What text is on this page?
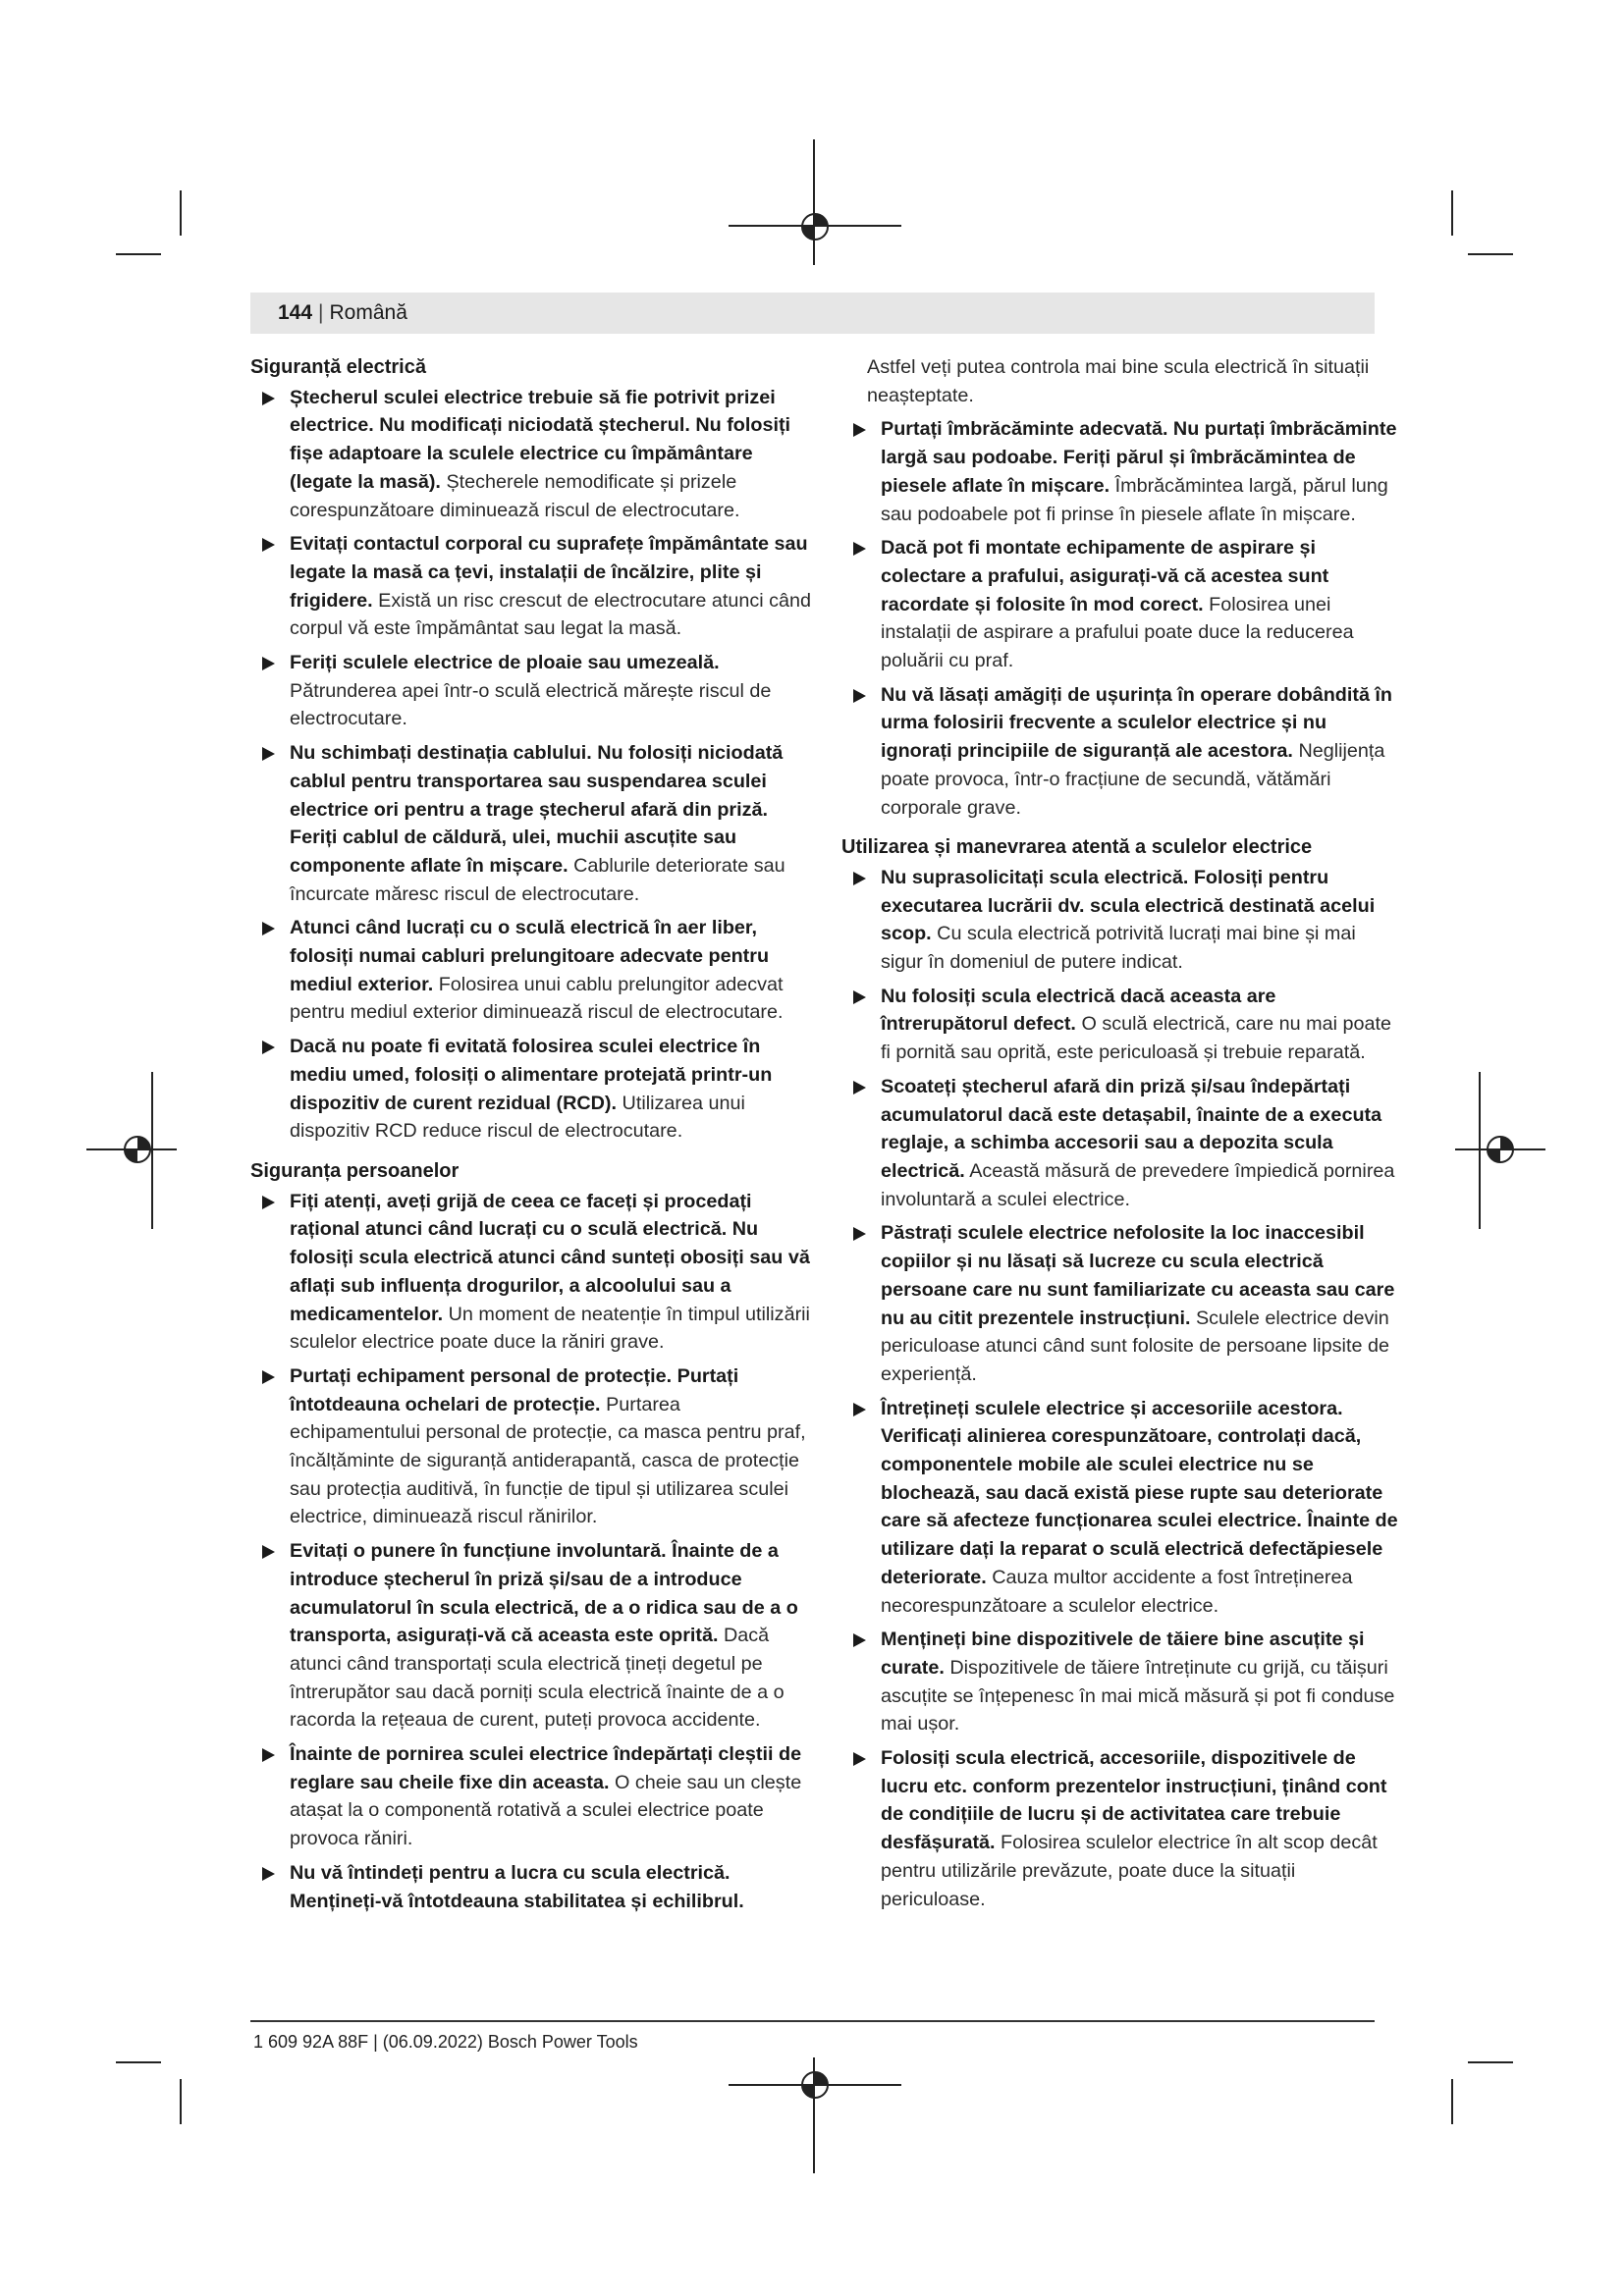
144 | Română
Siguranță electrică
Ștecherul sculei electrice trebuie să fie potrivit prizei electrice. Nu modificați niciodată ștecherul. Nu folosiți fișe adaptoare la sculele electrice cu împământare (legate la masă). Ștecherele nemodificate și prizele corespunzătoare diminuează riscul de electrocutare.
Evitați contactul corporal cu suprafețe împământate sau legate la masă ca țevi, instalații de încălzire, plite și frigidere. Există un risc crescut de electrocutare atunci când corpul vă este împământat sau legat la masă.
Feriți sculele electrice de ploaie sau umezeală. Pătrunderea apei într-o sculă electrică mărește riscul de electrocutare.
Nu schimbați destinația cablului. Nu folosiți niciodată cablul pentru transportarea sau suspendarea sculei electrice ori pentru a trage ștecherul afară din priză. Feriți cablul de căldură, ulei, muchii ascuțite sau componente aflate în mișcare. Cablurile deteriorate sau încurcate măresc riscul de electrocutare.
Atunci când lucrați cu o sculă electrică în aer liber, folosiți numai cabluri prelungitoare adecvate pentru mediul exterior. Folosirea unui cablu prelungitor adecvat pentru mediul exterior diminuează riscul de electrocutare.
Dacă nu poate fi evitată folosirea sculei electrice în mediu umed, folosiți o alimentare protejată printr-un dispozitiv de curent rezidual (RCD). Utilizarea unui dispozitiv RCD reduce riscul de electrocutare.
Siguranța persoanelor
Fiți atenți, aveți grijă de ceea ce faceți și procedați rațional atunci când lucrați cu o sculă electrică. Nu folosiți scula electrică atunci când sunteți obosiți sau vă aflați sub influența drogurilor, a alcoolului sau a medicamentelor. Un moment de neatenție în timpul utilizării sculelor electrice poate duce la răniri grave.
Purtați echipament personal de protecție. Purtați întotdeauna ochelari de protecție. Purtarea echipamentului personal de protecție, ca masca pentru praf, încălțăminte de siguranță antiderapantă, casca de protecție sau protecția auditivă, în funcție de tipul și utilizarea sculei electrice, diminuează riscul rănirilor.
Evitați o punere în funcțiune involuntară. Înainte de a introduce ștecherul în priză și/sau de a introduce acumulatorul în scula electrică, de a o ridica sau de a o transporta, asigurați-vă că aceasta este oprită. Dacă atunci când transportați scula electrică țineți degetul pe întrerupător sau dacă porniți scula electrică înainte de a o racorda la rețeaua de curent, puteți provoca accidente.
Înainte de pornirea sculei electrice îndepărtați cleștii de reglare sau cheile fixe din aceasta. O cheie sau un clește atașat la o componentă rotativă a sculei electrice poate provoca răniri.
Nu vă întindeți pentru a lucra cu scula electrică. Mențineți-vă întotdeauna stabilitatea și echilibrul.
Astfel veți putea controla mai bine scula electrică în situații neașteptate.
Purtați îmbrăcăminte adecvată. Nu purtați îmbrăcăminte largă sau podoabe. Feriți părul și îmbrăcămintea de piesele aflate în mișcare. Îmbrăcămintea largă, părul lung sau podoabele pot fi prinse în piesele aflate în mișcare.
Dacă pot fi montate echipamente de aspirare și colectare a prafului, asigurați-vă că acestea sunt racordate și folosite în mod corect. Folosirea unei instalații de aspirare a prafului poate duce la reducerea poluării cu praf.
Nu vă lăsați amăgiți de ușurința în operare dobândită în urma folosirii frecvente a sculelor electrice și nu ignorați principiile de siguranță ale acestora. Neglijența poate provoca, într-o fracțiune de secundă, vătămări corporale grave.
Utilizarea și manevrarea atentă a sculelor electrice
Nu suprasolicitați scula electrică. Folosiți pentru executarea lucrării dv. scula electrică destinată acelui scop. Cu scula electrică potrivită lucrați mai bine și mai sigur în domeniul de putere indicat.
Nu folosiți scula electrică dacă aceasta are întrerupătorul defect. O sculă electrică, care nu mai poate fi pornită sau oprită, este periculoasă și trebuie reparată.
Scoateți ștecherul afară din priză și/sau îndepărtați acumulatorul dacă este detașabil, înainte de a executa reglaje, a schimba accesorii sau a depozita scula electrică. Această măsură de prevedere împiedică pornirea involuntară a sculei electrice.
Păstrați sculele electrice nefolosite la loc inaccesibil copiilor și nu lăsați să lucreze cu scula electrică persoane care nu sunt familiarizate cu aceasta sau care nu au citit prezentele instrucțiuni. Sculele electrice devin periculoase atunci când sunt folosite de persoane lipsite de experiență.
Întrețineți sculele electrice și accesoriile acestora. Verificați alinierea corespunzătoare, controlați dacă, componentele mobile ale sculei electrice nu se blochează, sau dacă există piese rupte sau deteriorate care să afecteze funcționarea sculei electrice. Înainte de utilizare dați la reparat o sculă electrică defectăpiesele deteriorate. Cauza multor accidente a fost întreținerea necorespunzătoare a sculelor electrice.
Mențineți bine dispozitivele de tăiere bine ascuțite și curate. Dispozitivele de tăiere întreținute cu grijă, cu tăișuri ascuțite se înțepenesc în mai mică măsură și pot fi conduse mai ușor.
Folosiți scula electrică, accesoriile, dispozitivele de lucru etc. conform prezentelor instrucțiuni, ținând cont de condițiile de lucru și de activitatea care trebuie desfășurată. Folosirea sculelor electrice în alt scop decât pentru utilizările prevăzute, poate duce la situații periculoase.
1 609 92A 88F | (06.09.2022) Bosch Power Tools
